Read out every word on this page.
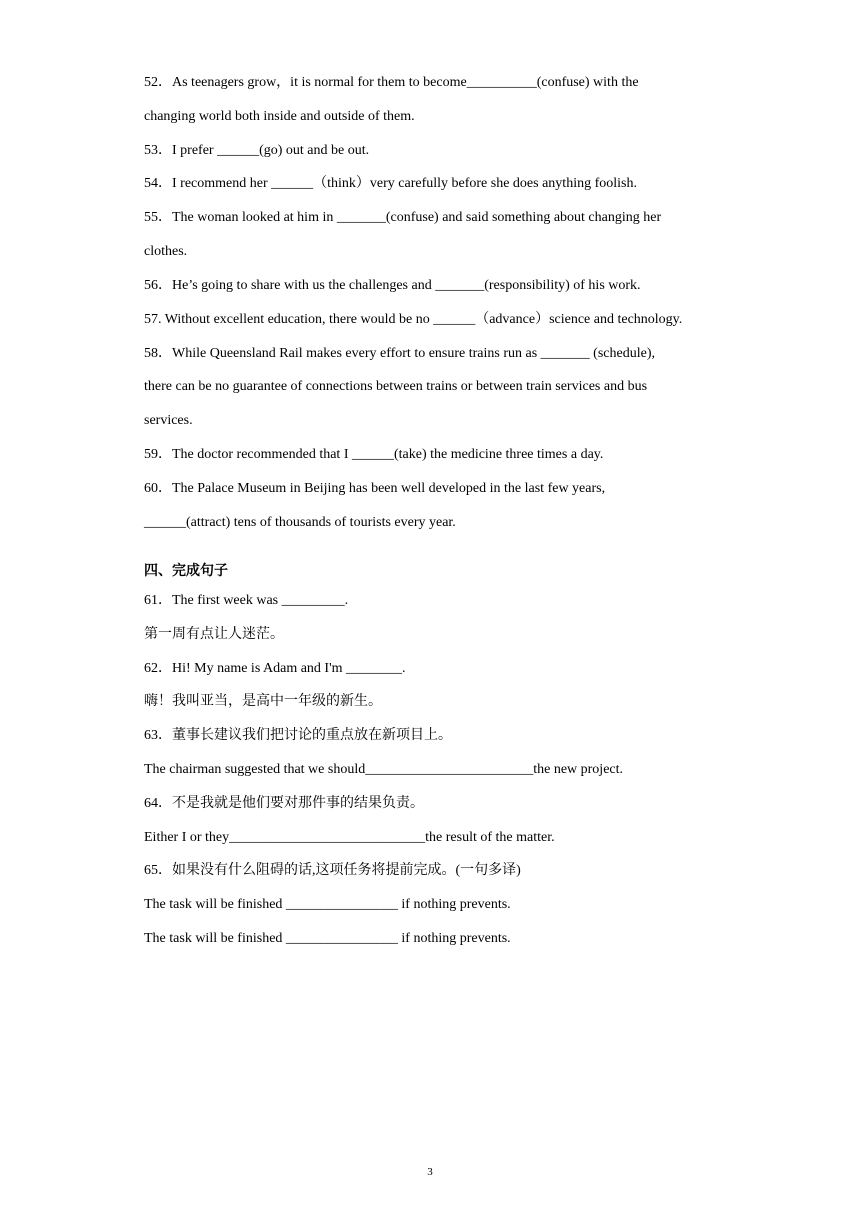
52．As teenagers grow，it is normal for them to become__________(confuse) with the
changing world both inside and outside of them.
53．I prefer ______(go) out and be out.
54．I recommend her ______（think）very carefully before she does anything foolish.
55．The woman looked at him in _______(confuse) and said something about changing her
clothes.
56．He’s going to share with us the challenges and _______(responsibility) of his work.
57. Without excellent education, there would be no ______（advance）science and technology.
58．While Queensland Rail makes every effort to ensure trains run as _______ (schedule),
there can be no guarantee of connections between trains or between train services and bus
services.
59．The doctor recommended that I ______(take) the medicine three times a day.
60．The Palace Museum in Beijing has been well developed in the last few years,
______(attract) tens of thousands of tourists every year.
四、完成句子
61．The first week was _________.
第一周有点让人迷茫。
62．Hi! My name is Adam and I'm ________.
嗨！我叫亚当，是高中一年级的新生。
63．董事长建议我们把讨论的重点放在新项目上。
The chairman suggested that we should________________________the new project.
64．不是我就是他们要对那件事的结果负责。
Either I or they____________________________the result of the matter.
65．如果没有什么阻碍的话,这项任务将提前完成。(一句多译)
The task will be finished ________________ if nothing prevents.
The task will be finished ________________ if nothing prevents.
3
